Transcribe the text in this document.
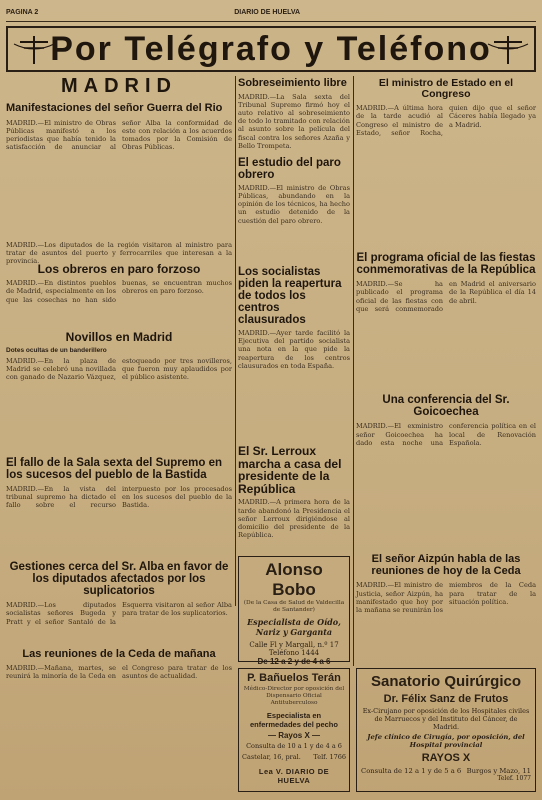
PAGINA 2	DIARIO DE HUELVA
Por Telégrafo y Teléfono
MADRID
Manifestaciones del señor Guerra del Rio
MADRID.—El ministro de Obras Públicas manifestó a los periodistas que había tenido la satisfacción de anunciar al señor Alba la conformidad de este con relación a los acuerdos tomados por la Comisión de Obras Públicas.
MADRID.—Los diputados de la región visitaron al ministro para tratar de asuntos del puerto y ferrocarriles que interesan a la provincia.
Los obreros en paro forzoso
MADRID.—En distintos pueblos de Madrid, especialmente en los que las cosechas no han sido buenas, se encuentran muchos obreros en paro forzoso.
Novillos en Madrid
Dotes ocultas de un banderillero
MADRID.—En la plaza de Madrid se celebró una novillada con ganado de Nazario Vázquez, estoqueado por tres novilleros, que fueron muy aplaudidos por el público asistente.
El fallo de la Sala sexta del Supremo en los sucesos del pueblo de la Bastida
MADRID.—En la vista del tribunal supremo ha dictado el fallo sobre el recurso interpuesto por los procesados en los sucesos del pueblo de la Bastida.
Gestiones cerca del Sr. Alba en favor de los diputados afectados por los suplicatorios
MADRID.—Los diputados socialistas señores Bugeda y Pratt y el señor Santaló de la Esquerra visitaron al señor Alba para tratar de los suplicatorios.
Las reuniones de la Ceda de mañana
MADRID.—Mañana, martes, se reunirá la minoría de la Ceda en el Congreso para tratar de los asuntos de actualidad.
Sobreseimiento libre
MADRID.—La Sala sexta del Tribunal Supremo firmó hoy el auto relativo al sobreseimiento de todo lo tramitado con relación al asunto sobre la película del fiscal contra los señores Azaña y Bello Trompeta.
El estudio del paro obrero
MADRID.—El ministro de Obras Públicas, abundando en la opinión de los técnicos, ha hecho un estudio detenido de la cuestión del paro obrero.
Los socialistas piden la reapertura de todos los centros clausurados
MADRID.—Ayer tarde facilitó la Ejecutiva del partido socialista una nota en la que pide la reapertura de los centros clausurados en toda España.
El Sr. Lerroux marcha a casa del presidente de la República
MADRID.—A primera hora de la tarde abandonó la Presidencia el señor Lerroux dirigiéndose al domicilio del presidente de la República.
El ministro de Estado en el Congreso
MADRID.—A última hora de la tarde acudió al Congreso el ministro de Estado, señor Rocha, quien dijo que el señor Cáceres había llegado ya a Madrid.
El programa oficial de las fiestas conmemorativas de la República
MADRID.—Se ha publicado el programa oficial de las fiestas con que será conmemorado en Madrid el aniversario de la República el día 14 de abril.
Una conferencia del Sr. Goicoechea
MADRID.—El exministro señor Goicoechea ha dado esta noche una conferencia política en el local de Renovación Española.
El señor Aizpún habla de las reuniones de hoy de la Ceda
MADRID.—El ministro de Justicia, señor Aizpún, ha manifestado que hoy por la mañana se reunirán los miembros de la Ceda para tratar de la situación política.
Alonso Bobo
(De la Casa de Salud de Valdecilla de Santander)
Especialista de Oído, Nariz y Garganta
Calle Fl y Margall, n.º 17
Teléfono 1444
De 12 a 2 y de 4 a 6
P. Bañuelos Terán
Médico-Director por oposición del Dispensario Oficial Antituberculoso
Especialista en enfermedades del pecho
— Rayos X —
Consulta de 10 a 1 y de 4 a 6
Castelar, 16, pral. Telf. 1766
Lea V. DIARIO DE HUELVA
Sanatorio Quirúrgico
Dr. Félix Sanz de Frutos
Ex-Cirujano por oposición de los Hospitales civiles de Marruecos y del Instituto del Cáncer, de Madrid.
Jefe clínico de Cirugía, por oposición, del Hospital provincial
RAYOS X
Consulta de 12 a 1 y de 5 a 6 Burgos y Mazo, 11
Telef. 1077
